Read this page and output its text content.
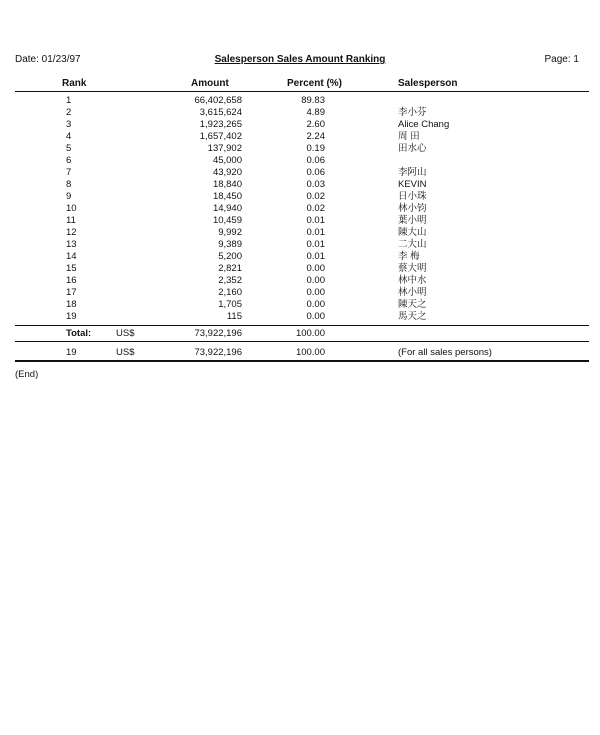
Date: 01/23/97	Salesperson Sales Amount Ranking	Page: 1
Rank	Amount	Percent (%)	Salesperson
1	66,402,658	89.83
2	3,615,624	4.89	李小芬
3	1,923,265	2.60	Alice Chang
4	1,657,402	2.24	周 田
5	137,902	0.19	田水心
6	45,000	0.06
7	43,920	0.06	李阿山
8	18,840	0.03	KEVIN
9	18,450	0.02	日小珠
10	14,940	0.02	林小钧
11	10,459	0.01	葉小明
12	9,992	0.01	陳大山
13	9,389	0.01	二大山
14	5,200	0.01	李 梅
15	2,821	0.00	蔡大明
16	2,352	0.00	林中水
17	2,160	0.00	林小明
18	1,705	0.00	陳天之
19	115	0.00	馬天之
Total:	US$	73,922,196	100.00
19	US$	73,922,196	100.00	(For all sales persons)
(End)
